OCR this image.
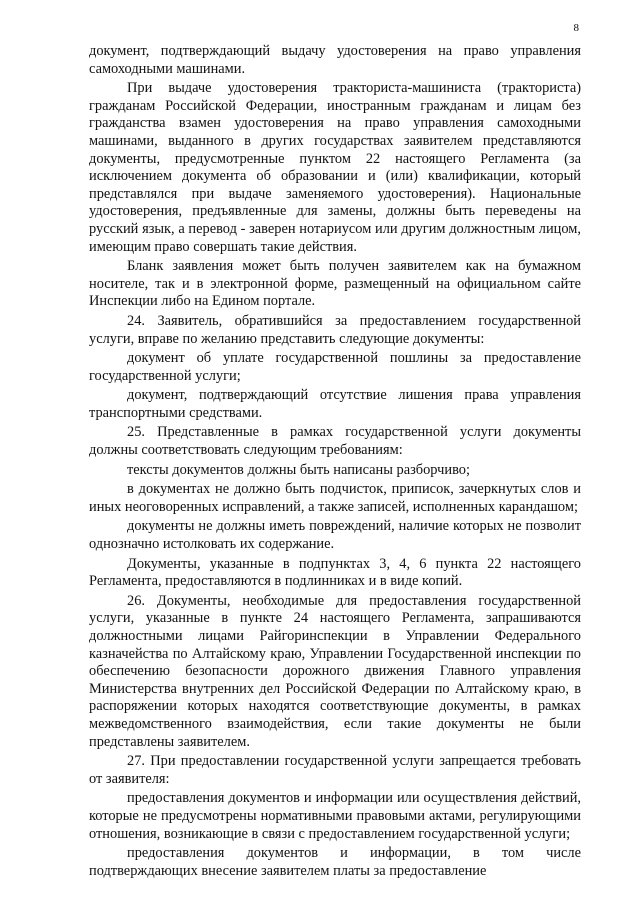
8

документ, подтверждающий выдачу удостоверения на право управления самоходными машинами.

При выдаче удостоверения тракториста-машиниста (тракториста) гражданам Российской Федерации, иностранным гражданам и лицам без гражданства взамен удостоверения на право управления самоходными машинами, выданного в других государствах заявителем представляются документы, предусмотренные пунктом 22 настоящего Регламента (за исключением документа об образовании и (или) квалификации, который представлялся при выдаче заменяемого удостоверения). Национальные удостоверения, предъявленные для замены, должны быть переведены на русский язык, а перевод - заверен нотариусом или другим должностным лицом, имеющим право совершать такие действия.

Бланк заявления может быть получен заявителем как на бумажном носителе, так и в электронной форме, размещенный на официальном сайте Инспекции либо на Едином портале.

24. Заявитель, обратившийся за предоставлением государственной услуги, вправе по желанию представить следующие документы:

документ об уплате государственной пошлины за предоставление государственной услуги;

документ, подтверждающий отсутствие лишения права управления транспортными средствами.

25. Представленные в рамках государственной услуги документы должны соответствовать следующим требованиям:

тексты документов должны быть написаны разборчиво;

в документах не должно быть подчисток, приписок, зачеркнутых слов и иных неоговоренных исправлений, а также записей, исполненных карандашом;

документы не должны иметь повреждений, наличие которых не позволит однозначно истолковать их содержание.

Документы, указанные в подпунктах 3, 4, 6 пункта 22 настоящего Регламента, предоставляются в подлинниках и в виде копий.

26. Документы, необходимые для предоставления государственной услуги, указанные в пункте 24 настоящего Регламента, запрашиваются должностными лицами Райгоринспекции в Управлении Федерального казначейства по Алтайскому краю, Управлении Государственной инспекции по обеспечению безопасности дорожного движения Главного управления Министерства внутренних дел Российской Федерации по Алтайскому краю, в распоряжении которых находятся соответствующие документы, в рамках межведомственного взаимодействия, если такие документы не были представлены заявителем.

27. При предоставлении государственной услуги запрещается требовать от заявителя:

предоставления документов и информации или осуществления действий, которые не предусмотрены нормативными правовыми актами, регулирующими отношения, возникающие в связи с предоставлением государственной услуги;

предоставления документов и информации, в том числе подтверждающих внесение заявителем платы за предоставление
